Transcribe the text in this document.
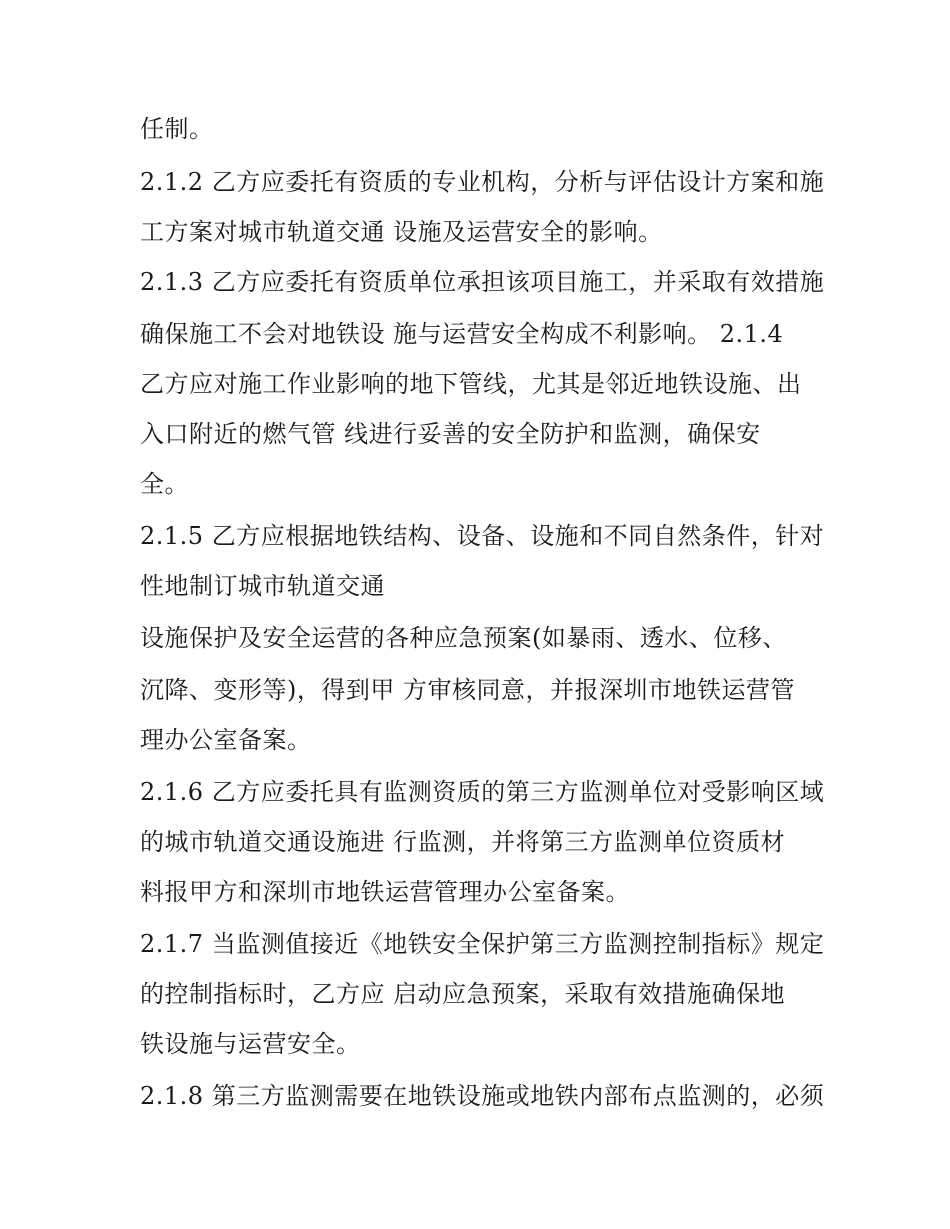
任制。
2.1.2 乙方应委托有资质的专业机构，分析与评估设计方案和施
工方案对城市轨道交通 设施及运营安全的影响。
2.1.3 乙方应委托有资质单位承担该项目施工，并采取有效措施
确保施工不会对地铁设 施与运营安全构成不利影响。 2.1.4
乙方应对施工作业影响的地下管线，尤其是邻近地铁设施、出
入口附近的燃气管 线进行妥善的安全防护和监测，确保安
全。
2.1.5 乙方应根据地铁结构、设备、设施和不同自然条件，针对
性地制订城市轨道交通
设施保护及安全运营的各种应急预案(如暴雨、透水、位移、
沉降、变形等)，得到甲 方审核同意，并报深圳市地铁运营管
理办公室备案。
2.1.6 乙方应委托具有监测资质的第三方监测单位对受影响区域
的城市轨道交通设施进 行监测，并将第三方监测单位资质材
料报甲方和深圳市地铁运营管理办公室备案。
2.1.7 当监测值接近《地铁安全保护第三方监测控制指标》规定
的控制指标时，乙方应 启动应急预案，采取有效措施确保地
铁设施与运营安全。
2.1.8 第三方监测需要在地铁设施或地铁内部布点监测的，必须
